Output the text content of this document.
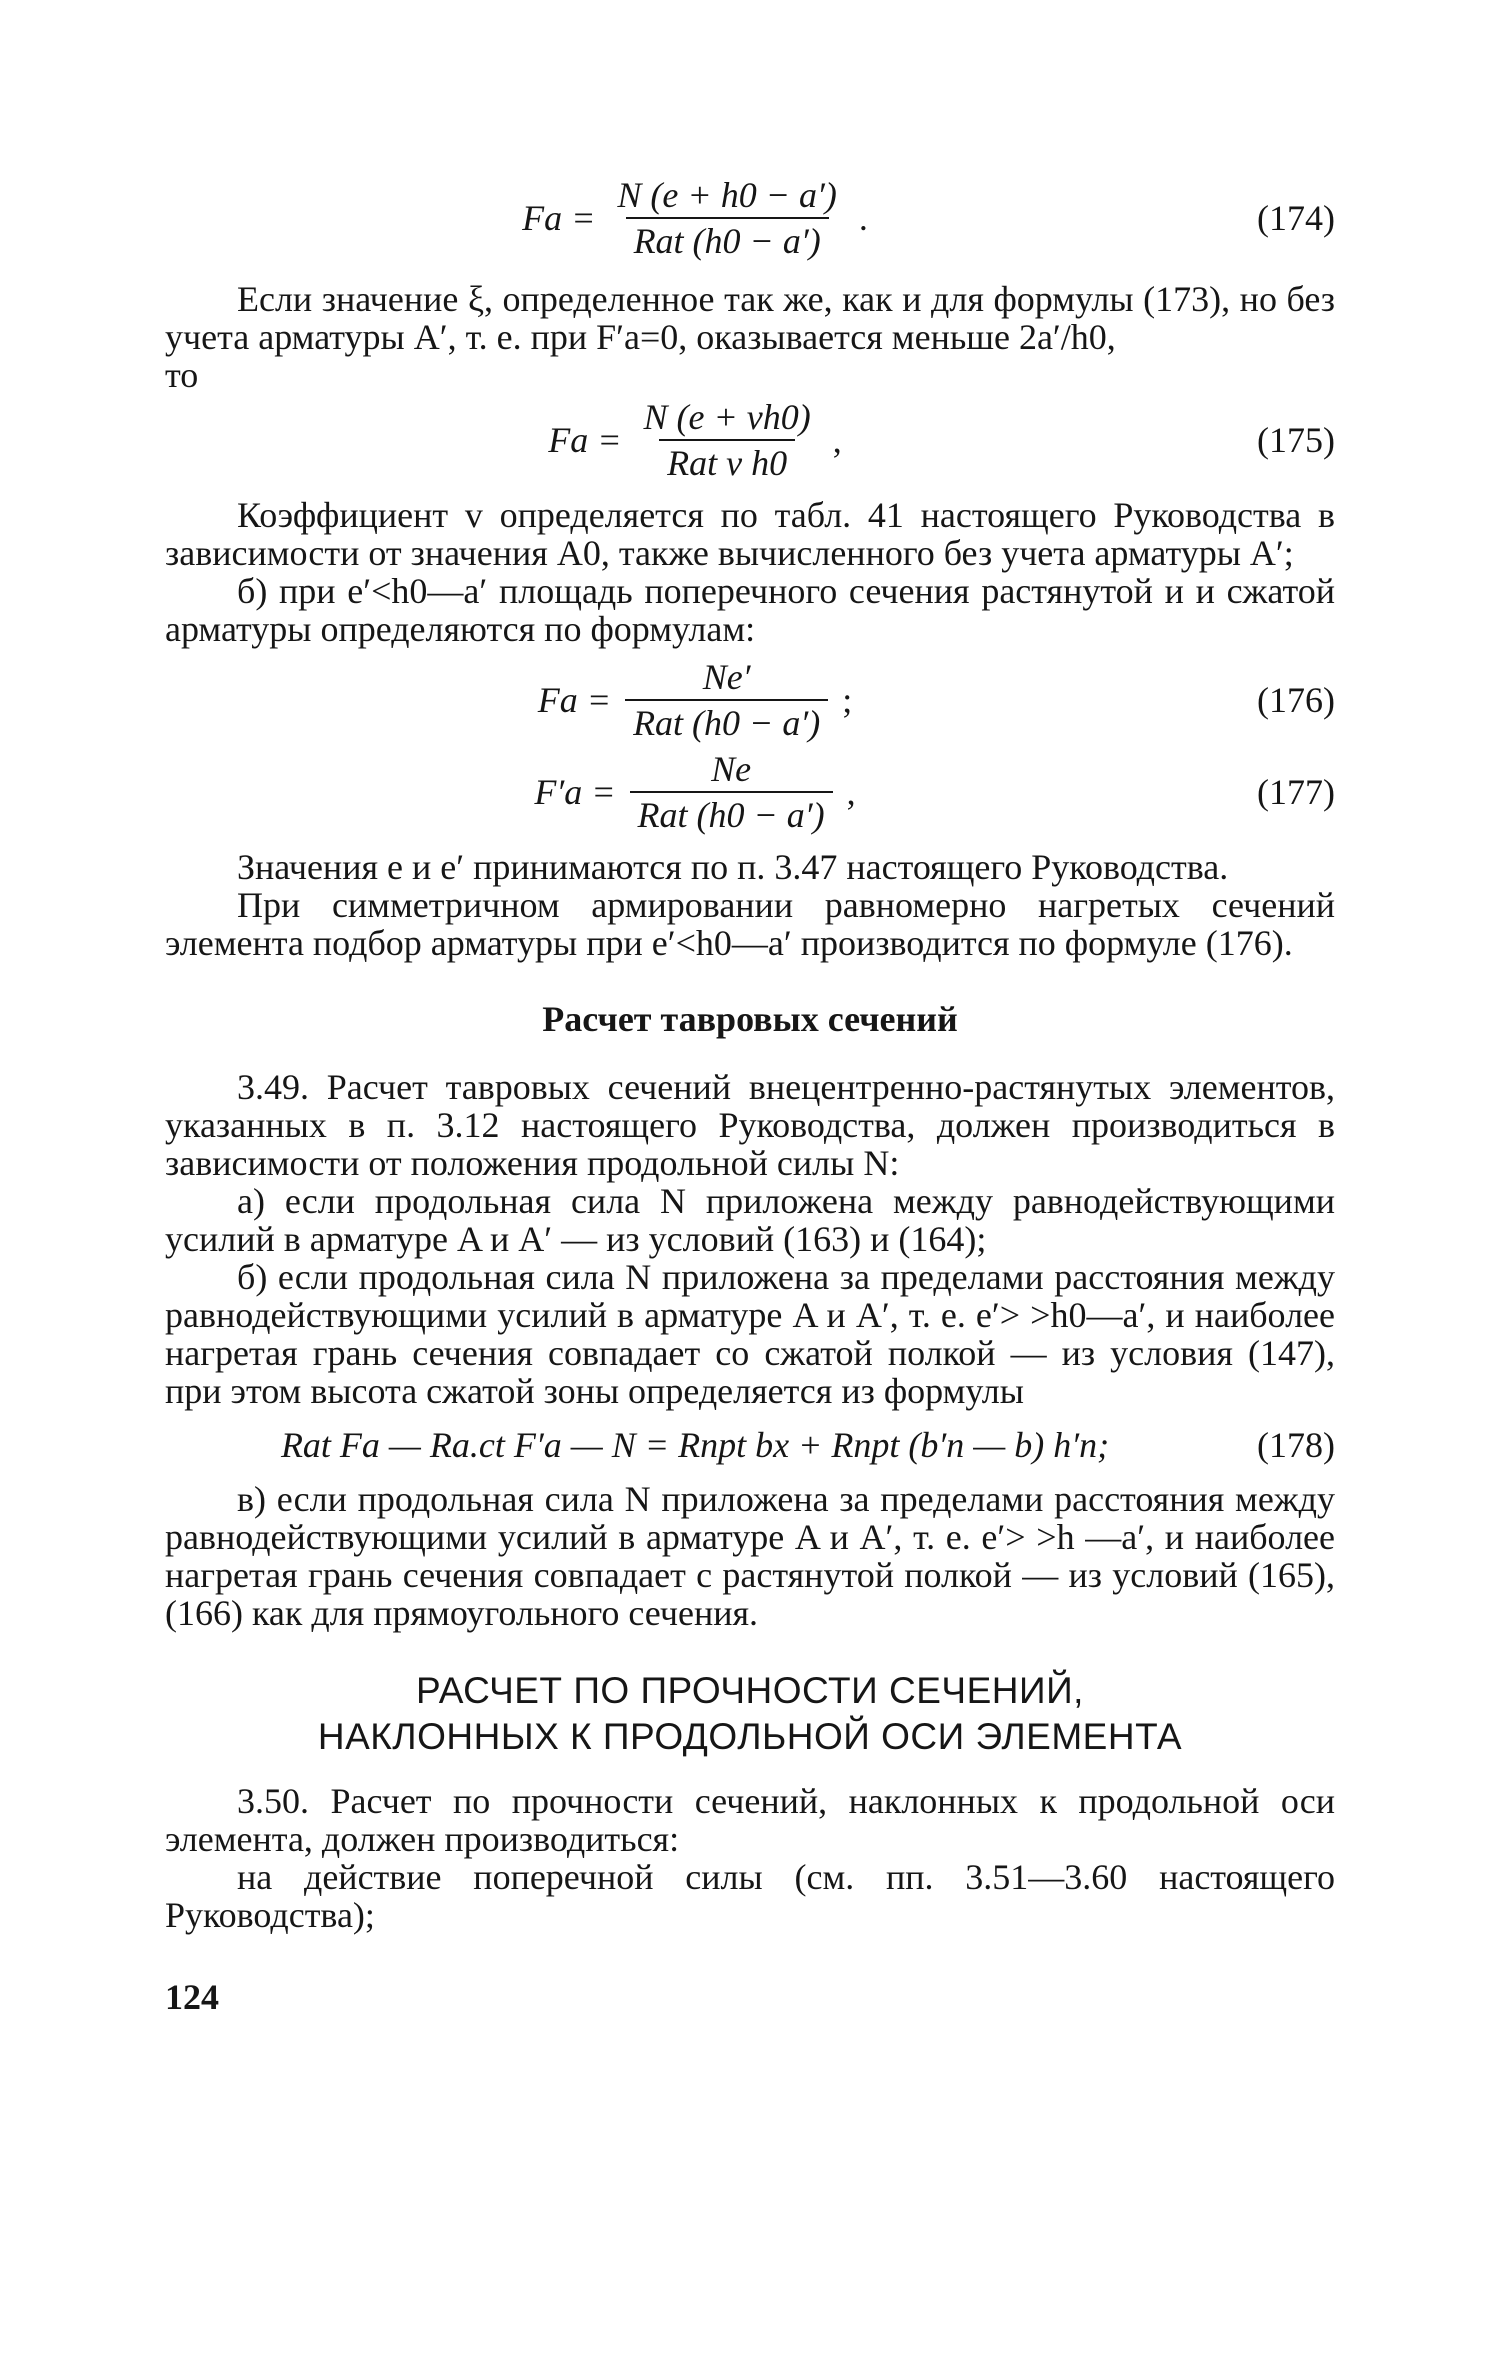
$Fa = \frac{N (e + h0 - a')}{\text{Rat (h0 − a′)}}$ .	(174)

Если значение ξ, определенное так же, как и для формулы (173), но без учета арматуры A′, т. е. при F′a=0, оказывается меньше 2a′/h0,

то

$Fa = \frac{N (e + vh0)}{\text{Rat v h0}}$ ,	(175)

Коэффициент v определяется по табл. 41 настоящего Руководства в зависимости от значения A0, также вычисленного без учета арматуры A′;

б) при e′<h0—a′ площадь поперечного сечения растянутой и и сжатой арматуры определяются по формулам:

$Fa = \frac{Ne'}{\text{Rat (h0 − a′)}}$ ;	(176)
$F'a = \frac{Ne}{\text{Rat (h0 − a′)}}$ ,	(177)

Значения e и e′ принимаются по п. 3.47 настоящего Руководства.

При симметричном армировании равномерно нагретых сечений элемента подбор арматуры при e′<h0—a′ производится по формуле (176).

Расчет тавровых сечений

3.49. Расчет тавровых сечений внецентренно-растянутых элементов, указанных в п. 3.12 настоящего Руководства, должен производиться в зависимости от положения продольной силы N:

а) если продольная сила N приложена между равнодействующими усилий в арматуре A и A′ — из условий (163) и (164);

б) если продольная сила N приложена за пределами расстояния между равнодействующими усилий в арматуре A и A′, т. е. e′> >h0—a′, и наиболее нагретая грань сечения совпадает со сжатой полкой — из условия (147), при этом высота сжатой зоны определяется из формулы

Rat Fa — Ra.ct F′a — N = Rпрt bx + Rпрt (b′п — b) h′п;	(178)

в) если продольная сила N приложена за пределами расстояния между равнодействующими усилий в арматуре A и A′, т. е. e′> >h —a′, и наиболее нагретая грань сечения совпадает с растянутой полкой — из условий (165), (166) как для прямоугольного сечения.

РАСЧЕТ ПО ПРОЧНОСТИ СЕЧЕНИЙ,

НАКЛОННЫХ К ПРОДОЛЬНОЙ ОСИ ЭЛЕМЕНТА

3.50. Расчет по прочности сечений, наклонных к продольной оси элемента, должен производиться:

на действие поперечной силы (см. пп. 3.51—3.60 настоящего Руководства);

124
